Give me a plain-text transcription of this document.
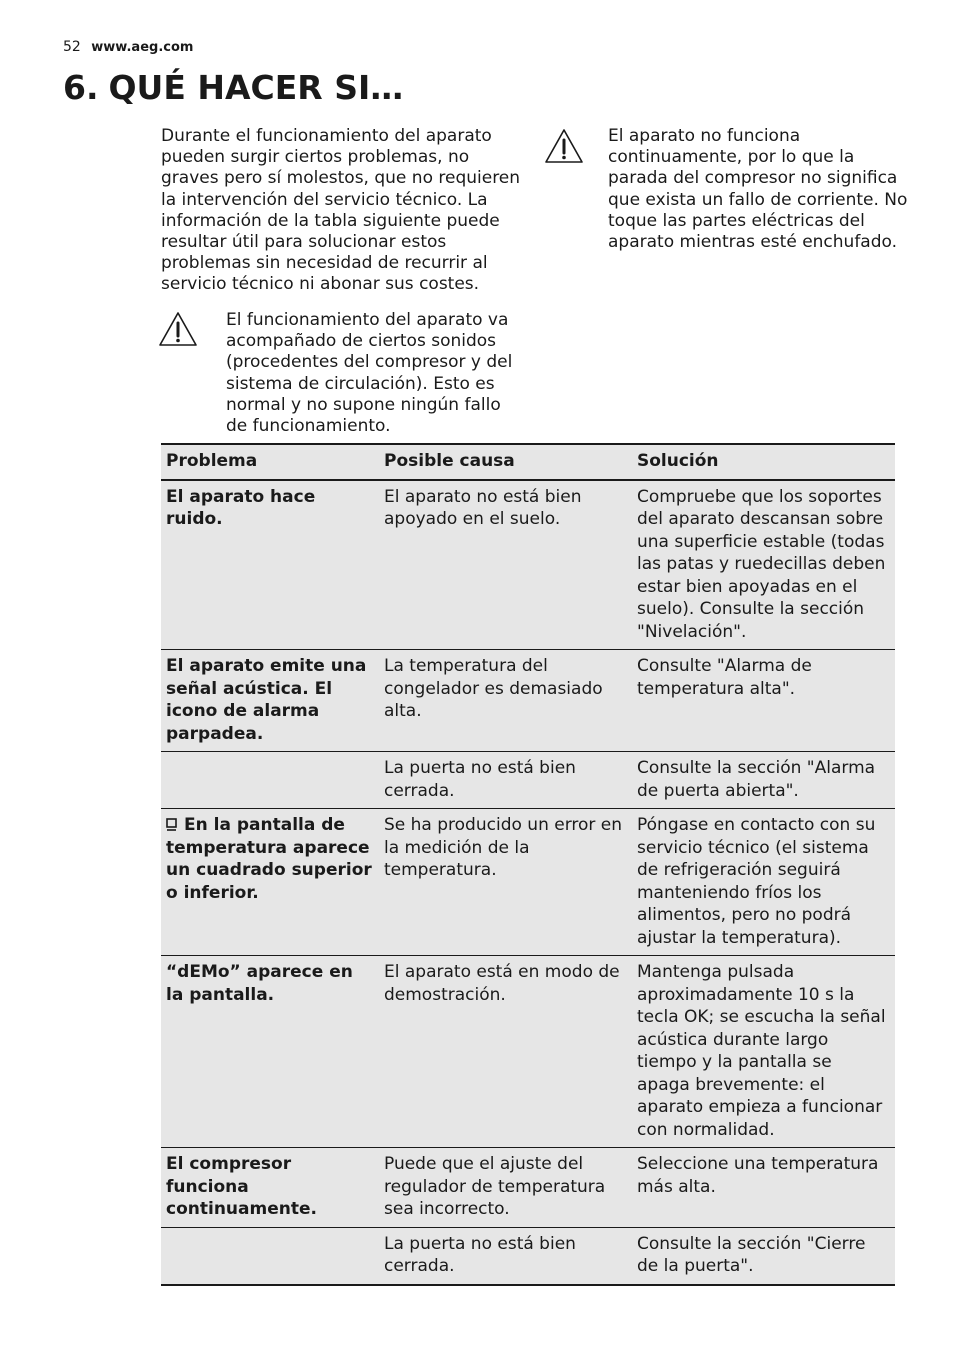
52 www.aeg.com
6. QUÉ HACER SI…

Durante el funcionamiento del aparato pueden surgir ciertos problemas, no graves pero sí molestos, que no requieren la intervención del servicio técnico. La información de la tabla siguiente puede resultar útil para solucionar estos problemas sin necesidad de recurrir al servicio técnico ni abonar sus costes.

El aparato no funciona continuamente, por lo que la parada del compresor no significa que exista un fallo de corriente. No toque las partes eléctricas del aparato mientras esté enchufado.

El funcionamiento del aparato va acompañado de ciertos sonidos (procedentes del compresor y del sistema de circulación). Esto es normal y no supone ningún fallo de funcionamiento.

Problema	Posible causa	Solución
El aparato hace ruido.
El aparato no está bien apoyado en el suelo.
Compruebe que los soportes del aparato descansan sobre una superficie estable (todas las patas y ruedecillas deben estar bien apoyadas en el suelo). Consulte la sección "Nivelación".
El aparato emite una señal acústica. El icono de alarma parpadea.
La temperatura del congelador es demasiado alta.
Consulte "Alarma de temperatura alta".
La puerta no está bien cerrada.
Consulte la sección "Alarma de puerta abierta".
En la pantalla de temperatura aparece un cuadrado superior o inferior.
Se ha producido un error en la medición de la temperatura.
Póngase en contacto con su servicio técnico (el sistema de refrigeración seguirá manteniendo fríos los alimentos, pero no podrá ajustar la temperatura).
“dEMo” aparece en la pantalla.
El aparato está en modo de demostración.
Mantenga pulsada aproximadamente 10 s la tecla OK; se escucha la señal acústica durante largo tiempo y la pantalla se apaga brevemente: el aparato empieza a funcionar con normalidad.
El compresor funciona continuamente.
Puede que el ajuste del regulador de temperatura sea incorrecto.
Seleccione una temperatura más alta.
La puerta no está bien cerrada.
Consulte la sección "Cierre de la puerta".
